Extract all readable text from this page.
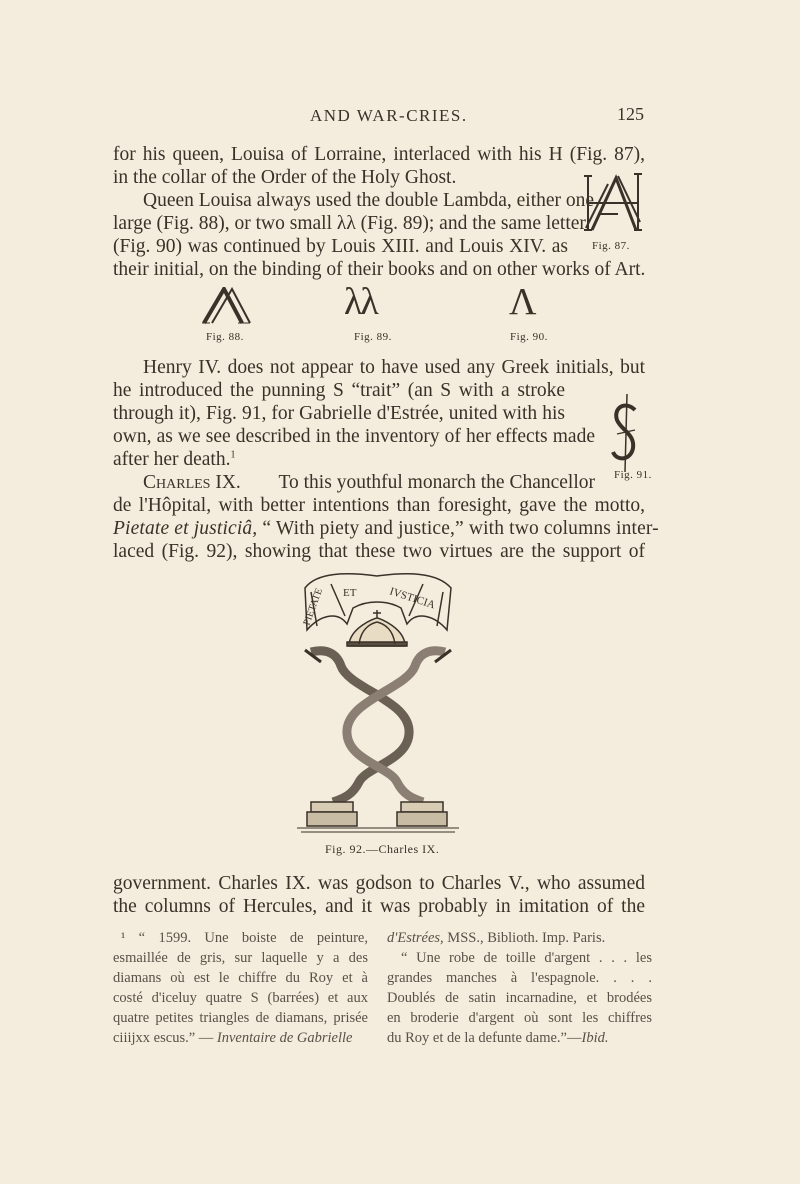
AND WAR-CRIES.	125
for his queen, Louisa of Lorraine, interlaced with his H (Fig. 87),
in the collar of the Order of the Holy Ghost.
Queen Louisa always used the double Lambda, either one
large (Fig. 88), or two small λλ (Fig. 89); and the same letter
(Fig. 90) was continued by Louis XIII. and Louis XIV. as
their initial, on the binding of their books and on other works of Art.
Fig. 87.
Fig. 88.
λλ
Fig. 89.
Λ
Fig. 90.
Henry IV. does not appear to have used any Greek initials, but
he introduced the punning S “trait” (an S with a stroke
through it), Fig. 91, for Gabrielle d'Estrée, united with his
own, as we see described in the inventory of her effects made
after her death.$^1$
Fig. 91.
Charles IX. To this youthful monarch the Chancellor
de l'Hôpital, with better intentions than foresight, gave the motto,
Pietate et justiciâ, “ With piety and justice,” with two columns inter-
laced (Fig. 92), showing that these two virtues are the support of
ET	IVSTICIA
PIETATE
Fig. 92.—Charles IX.
government. Charles IX. was godson to Charles V., who assumed
the columns of Hercules, and it was probably in imitation of the
¹ “ 1599. Une boiste de peinture,
esmaillée de gris, sur laquelle y a des
diamans où est le chiffre du Roy et à
costé d'iceluy quatre S (barrées) et aux
quatre petites triangles de diamans, prisée
ciiijxx escus.” — Inventaire de Gabrielle
d'Estrées, MSS., Biblioth. Imp. Paris.
“ Une robe de toille d'argent . . . les
grandes manches à l'espagnole. . . .
Doublés de satin incarnadine, et brodées
en broderie d'argent où sont les chiffres
du Roy et de la defunte dame.”—Ibid.
